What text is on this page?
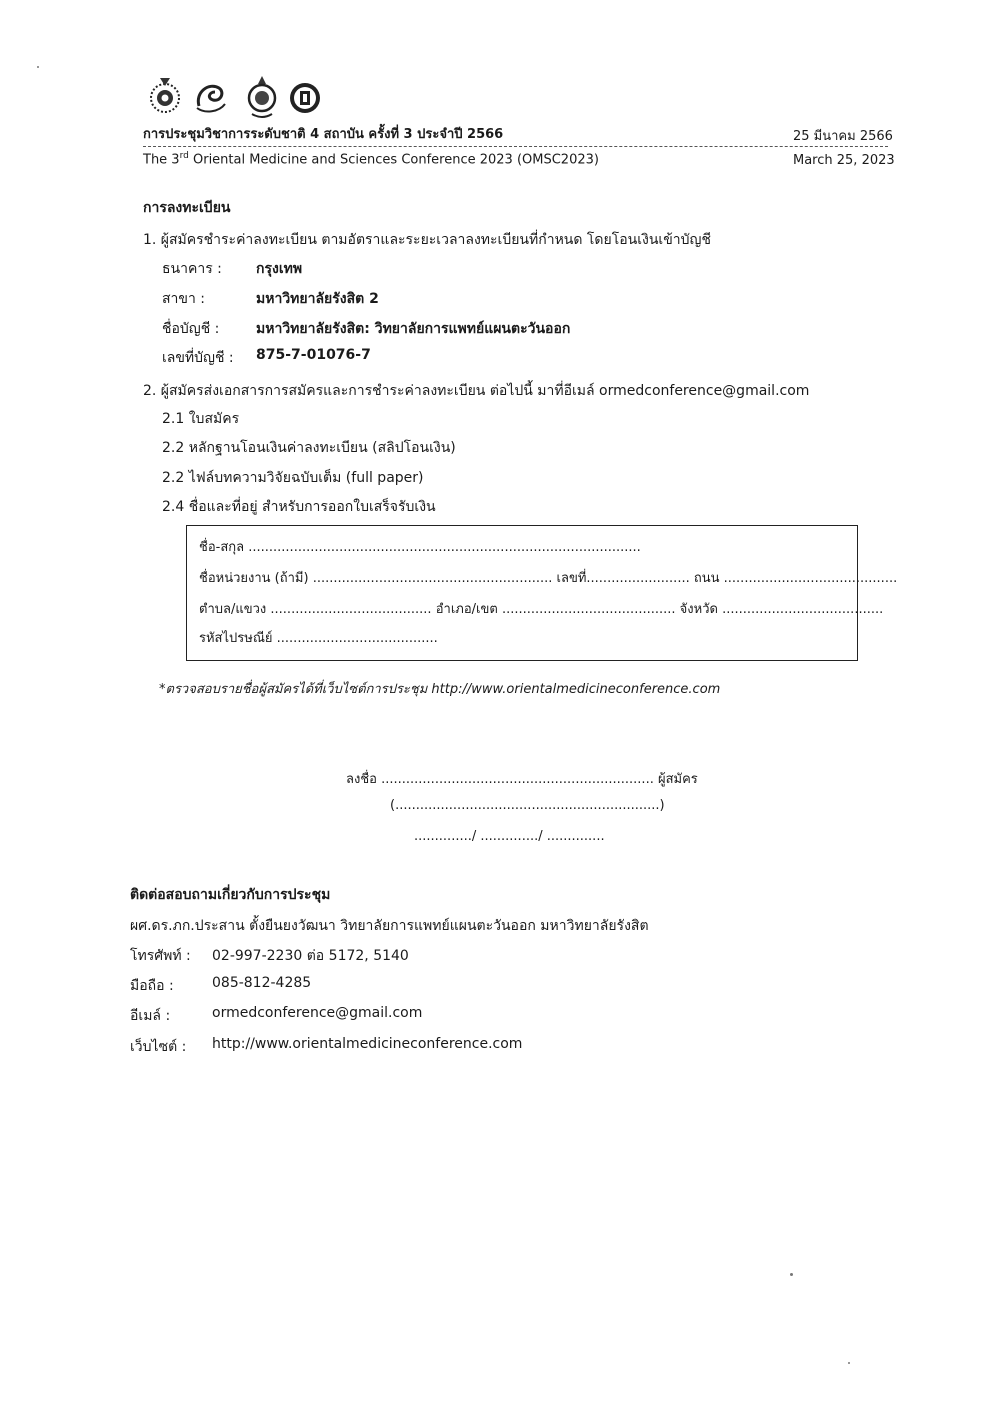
การประชุมวิชาการระดับชาติ 4 สถาบัน ครั้งที่ 3 ประจำปี 2566	25 มีนาคม 2566
The 3rd Oriental Medicine and Sciences Conference 2023 (OMSC2023)	March 25, 2023
การลงทะเบียน
1. ผู้สมัครชำระค่าลงทะเบียน ตามอัตราและระยะเวลาลงทะเบียนที่กำหนด โดยโอนเงินเข้าบัญชี
ธนาคาร : กรุงเทพ
สาขา :	มหาวิทยาลัยรังสิต 2
ชื่อบัญชี :	มหาวิทยาลัยรังสิต: วิทยาลัยการแพทย์แผนตะวันออก
เลขที่บัญชี : 875-7-01076-7
2. ผู้สมัครส่งเอกสารการสมัครและการชำระค่าลงทะเบียน ต่อไปนี้ มาที่อีเมล์ ormedconference@gmail.com
2.1 ใบสมัคร
2.2 หลักฐานโอนเงินค่าลงทะเบียน (สลิปโอนเงิน)
2.2 ไฟล์บทความวิจัยฉบับเต็ม (full paper)
2.4 ชื่อและที่อยู่ สำหรับการออกใบเสร็จรับเงิน
ชื่อ-สกุล ...............................................................................................
ชื่อหน่วยงาน (ถ้ามี) .......................................................... เลขที่......................... ถนน ..........................................
ตำบล/แขวง ....................................... อำเภอ/เขต .......................................... จังหวัด .......................................
รหัสไปรษณีย์ .......................................
*ตรวจสอบรายชื่อผู้สมัครได้ที่เว็บไซต์การประชุม http://www.orientalmedicineconference.com
ลงชื่อ .................................................................. ผู้สมัคร
(................................................................)
............../ ............../ ..............
ติดต่อสอบถามเกี่ยวกับการประชุม
ผศ.ดร.ภก.ประสาน ตั้งยืนยงวัฒนา วิทยาลัยการแพทย์แผนตะวันออก มหาวิทยาลัยรังสิต
โทรศัพท์ : 02-997-2230 ต่อ 5172, 5140
มือถือ :	085-812-4285
อีเมล์ :	ormedconference@gmail.com
เว็บไซต์ : http://www.orientalmedicineconference.com
